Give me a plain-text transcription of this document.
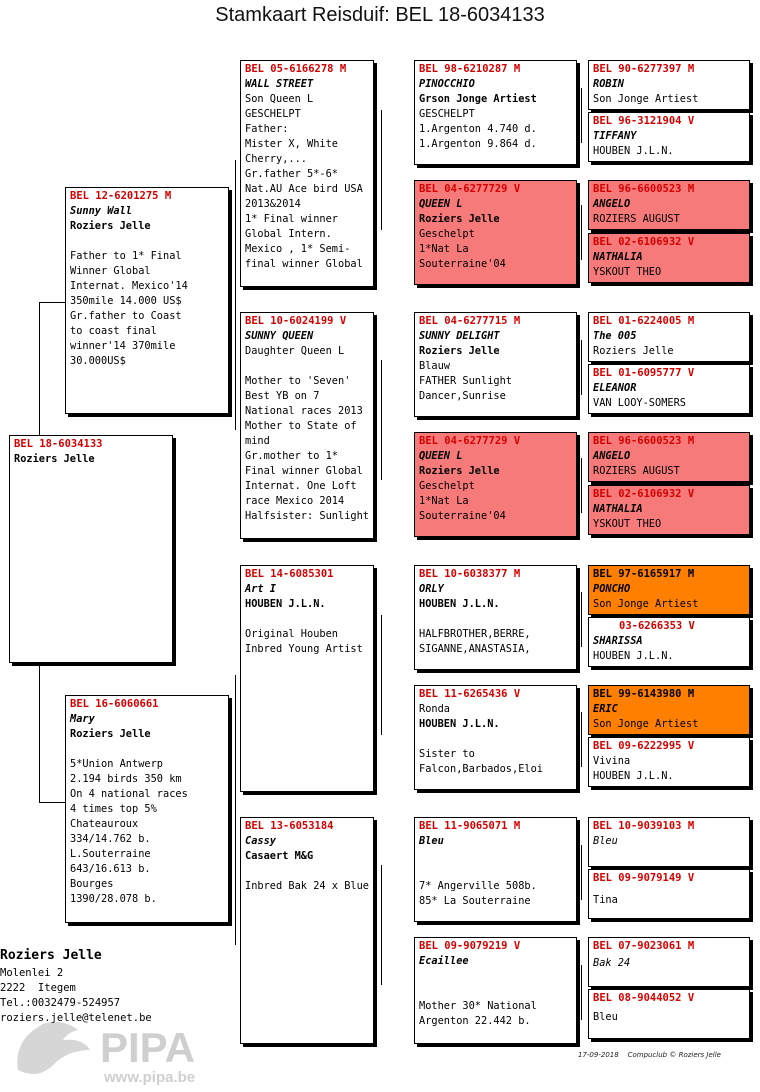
Stamkaart Reisduif: BEL 18-6034133
BEL 18-6034133
Roziers Jelle
BEL 12-6201275 M
Sunny Wall
Roziers Jelle

Father to 1* Final
Winner Global
Internat. Mexico'14
350mile 14.000 US$
Gr.father to Coast
to coast final
winner'14 370mile
30.000US$
BEL 16-6060661
Mary
Roziers Jelle

5*Union Antwerp
2.194 birds 350 km
On 4 national races
4 times top 5%
Chateauroux
334/14.762 b.
L.Souterraine
643/16.613 b.
Bourges
1390/28.078 b.
BEL 05-6166278 M
WALL STREET
Son Queen L
GESCHELPT
Father:
Mister X, White
Cherry,...
Gr.father 5*-6*
Nat.AU Ace bird USA
2013&2014
1* Final winner
Global Intern.
Mexico , 1* Semi-
final winner Global
BEL 10-6024199 V
SUNNY QUEEN
Daughter Queen L

Mother to 'Seven'
Best YB on 7
National races 2013
Mother to State of
mind
Gr.mother to 1*
Final winner Global
Internat. One Loft
race Mexico 2014
Halfsister: Sunlight
BEL 14-6085301
Art I
HOUBEN J.L.N.

Original Houben
Inbred Young Artist
BEL 13-6053184
Cassy
Casaert M&G

Inbred Bak 24 x Blue
BEL 98-6210287 M
PINOCCHIO
Grson Jonge Artiest
GESCHELPT
1.Argenton 4.740 d.
1.Argenton 9.864 d.
BEL 04-6277729 V
QUEEN L
Roziers Jelle
Geschelpt
1*Nat La
Souterraine'04
BEL 04-6277715 M
SUNNY DELIGHT
Roziers Jelle
Blauw
FATHER Sunlight
Dancer,Sunrise
BEL 04-6277729 V
QUEEN L
Roziers Jelle
Geschelpt
1*Nat La
Souterraine'04
BEL 10-6038377 M
ORLY
HOUBEN J.L.N.

HALFBROTHER,BERRE,
SIGANNE,ANASTASIA,
BEL 11-6265436 V
Ronda
HOUBEN J.L.N.

Sister to
Falcon,Barbados,Eloi
BEL 11-9065071 M
Bleu

7* Angerville 508b.
85* La Souterraine
BEL 09-9079219 V
Ecaillee

Mother 30* National
Argenton 22.442 b.
BEL 90-6277397 M
ROBIN
Son Jonge Artiest
BEL 96-3121904 V
TIFFANY
HOUBEN J.L.N.
BEL 96-6600523 M
ANGELO
ROZIERS AUGUST
BEL 02-6106932 V
NATHALIA
YSKOUT THEO
BEL 01-6224005 M
The 005
Roziers Jelle
BEL 01-6095777 V
ELEANOR
VAN LOOY-SOMERS
BEL 96-6600523 M
ANGELO
ROZIERS AUGUST
BEL 02-6106932 V
NATHALIA
YSKOUT THEO
BEL 97-6165917 M
PONCHO
Son Jonge Artiest
03-6266353 V
SHARISSA
HOUBEN J.L.N.
BEL 99-6143980 M
ERIC
Son Jonge Artiest
BEL 09-6222995 V
Vivina
HOUBEN J.L.N.
BEL 10-9039103 M
Bleu
BEL 09-9079149 V
Tina
BEL 07-9023061 M
Bak 24
BEL 08-9044052 V
Bleu
PIPA
www.pipa.be
Roziers Jelle
Molenlei 2
2222  Itegem
Tel.:0032479-524957
roziers.jelle@telenet.be
17-09-2018    Compuclub © Roziers Jelle
